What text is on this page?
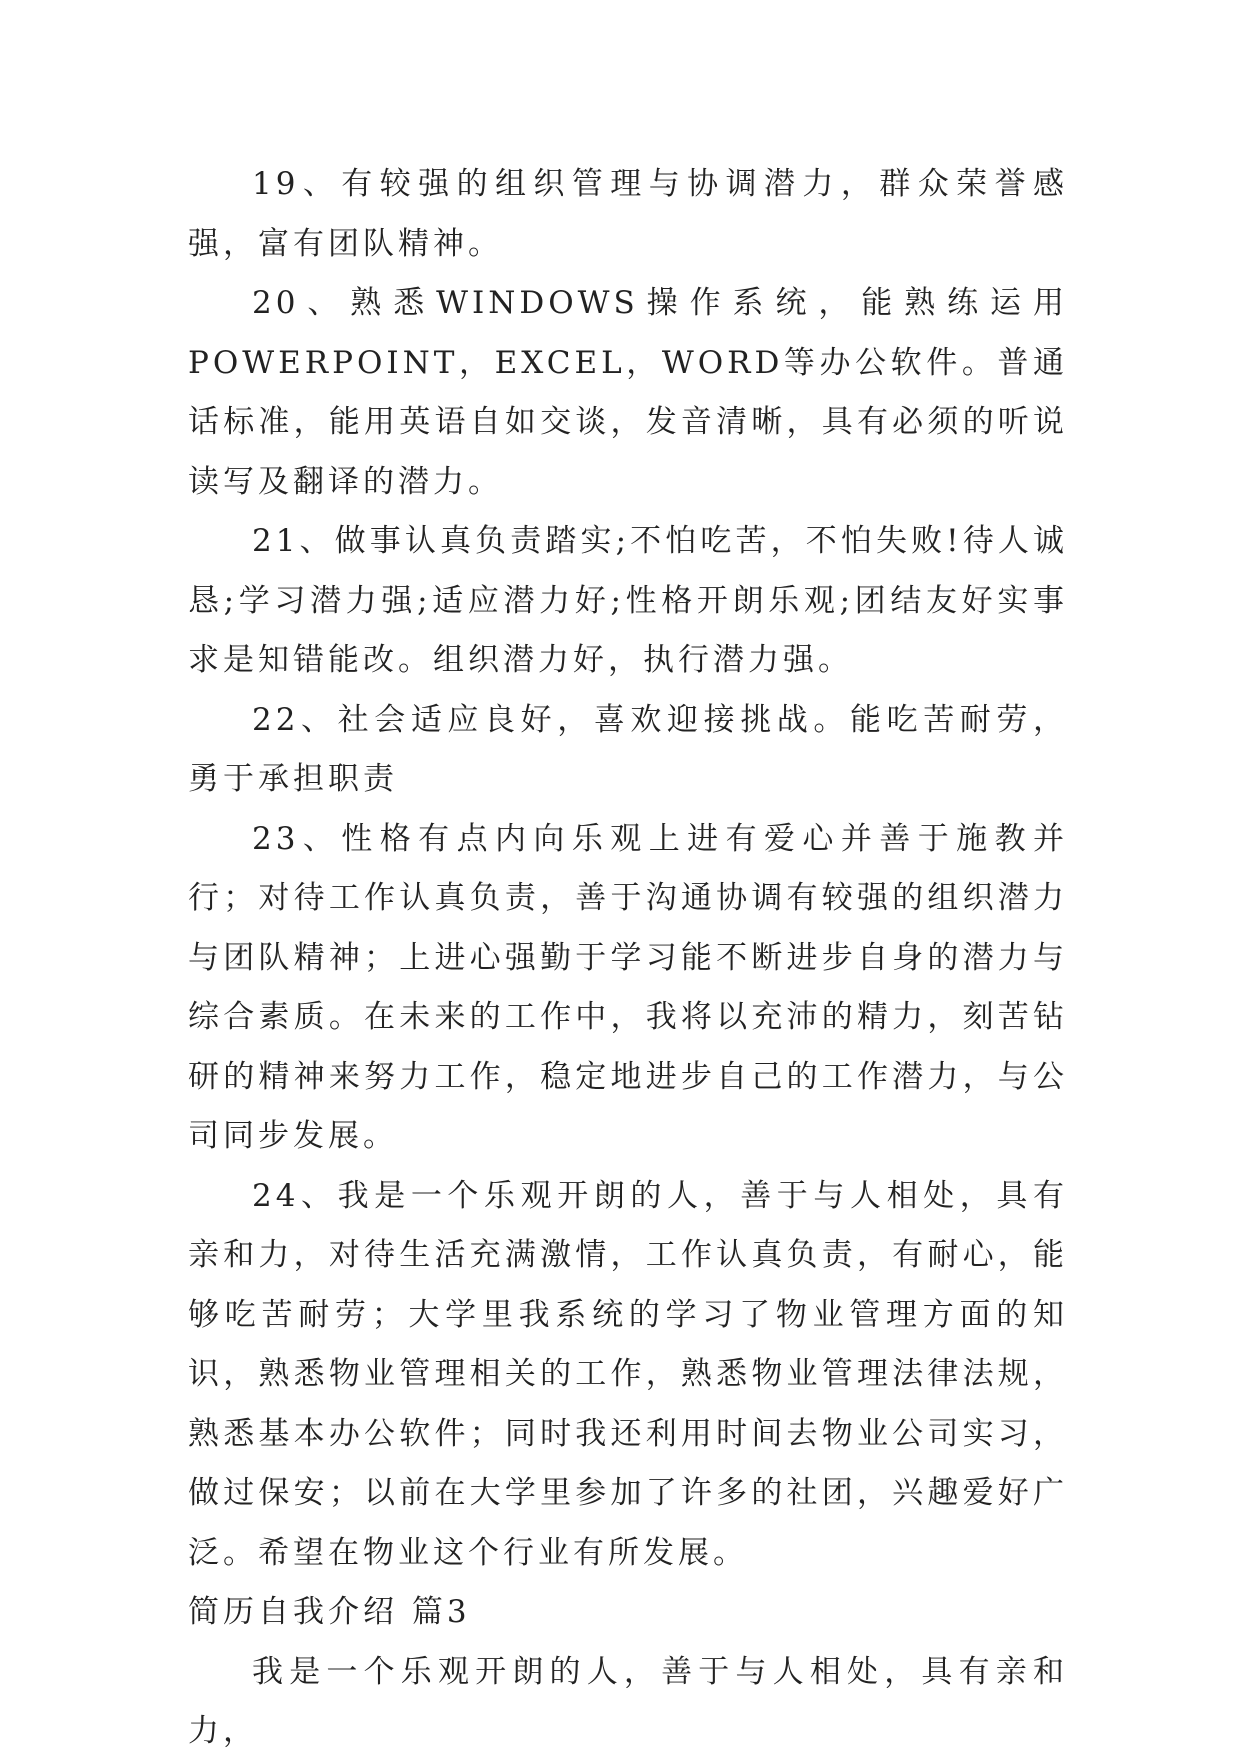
19、有较强的组织管理与协调潜力，群众荣誉感强，富有团队精神。

20、熟悉WINDOWS操作系统，能熟练运用POWERPOINT，EXCEL，WORD等办公软件。普通话标准，能用英语自如交谈，发音清晰，具有必须的听说读写及翻译的潜力。

21、做事认真负责踏实;不怕吃苦，不怕失败!待人诚恳;学习潜力强;适应潜力好;性格开朗乐观;团结友好实事求是知错能改。组织潜力好，执行潜力强。

22、社会适应良好，喜欢迎接挑战。能吃苦耐劳，勇于承担职责

23、性格有点内向乐观上进有爱心并善于施教并行；对待工作认真负责，善于沟通协调有较强的组织潜力与团队精神；上进心强勤于学习能不断进步自身的潜力与综合素质。在未来的工作中，我将以充沛的精力，刻苦钻研的精神来努力工作，稳定地进步自己的工作潜力，与公司同步发展。

24、我是一个乐观开朗的人，善于与人相处，具有亲和力，对待生活充满激情，工作认真负责，有耐心，能够吃苦耐劳；大学里我系统的学习了物业管理方面的知识，熟悉物业管理相关的工作，熟悉物业管理法律法规，熟悉基本办公软件；同时我还利用时间去物业公司实习，做过保安；以前在大学里参加了许多的社团，兴趣爱好广泛。希望在物业这个行业有所发展。

简历自我介绍 篇3

我是一个乐观开朗的人，善于与人相处，具有亲和力，
